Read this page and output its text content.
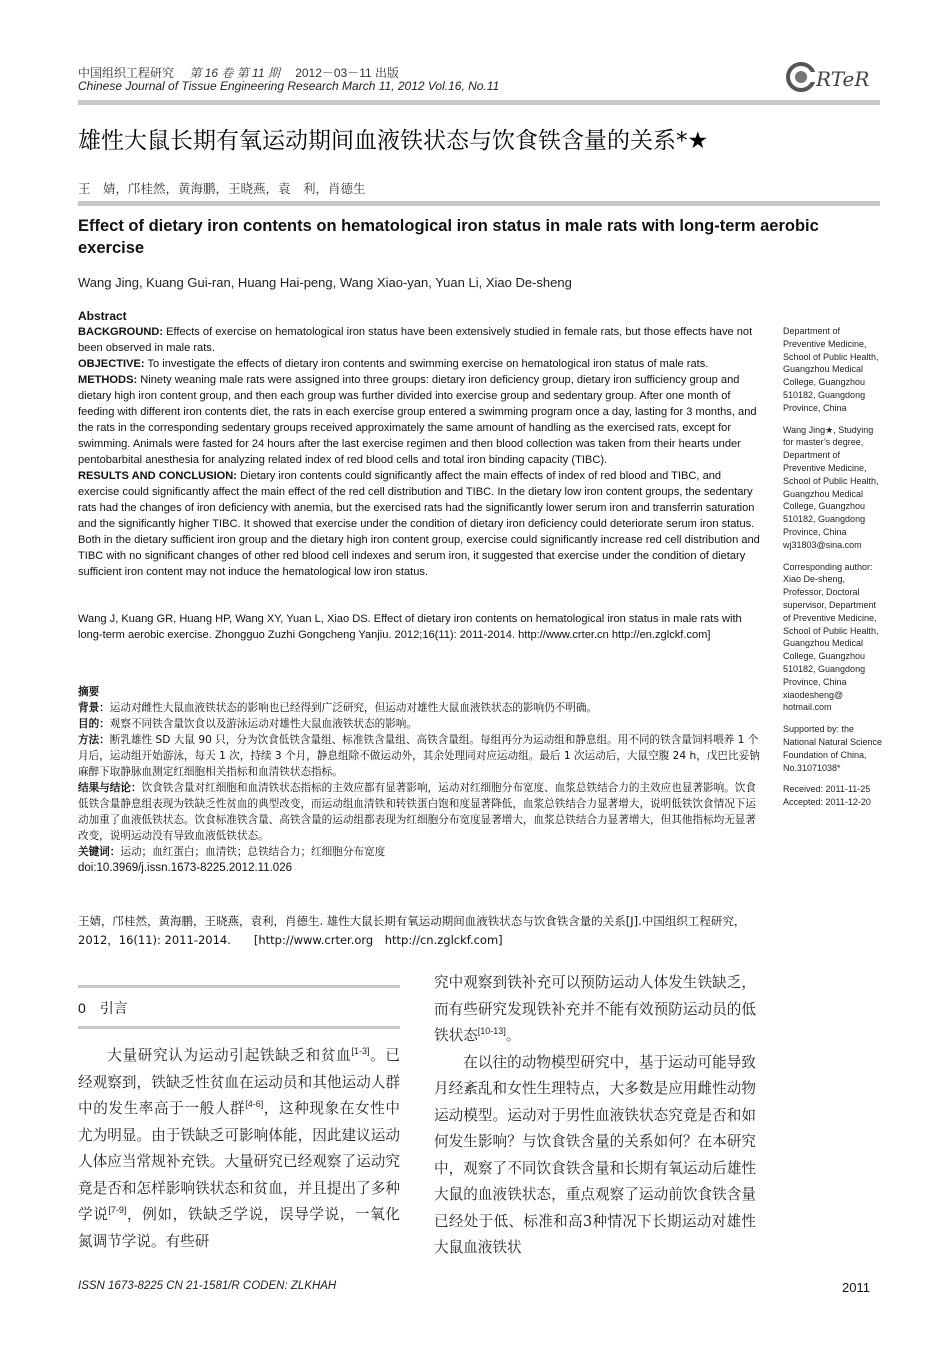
中国组织工程研究　 第 16 卷 第 11 期　 2012－03－11 出版
Chinese Journal of Tissue Engineering Research March 11, 2012 Vol.16, No.11	RTeR
雄性大鼠长期有氧运动期间血液铁状态与饮食铁含量的关系*★
王　婧，邝桂然，黄海鹏，王晓燕，袁　利，肖德生
Effect of dietary iron contents on hematological iron status in male rats with long-term aerobic exercise
Wang Jing, Kuang Gui-ran, Huang Hai-peng, Wang Xiao-yan, Yuan Li, Xiao De-sheng

Abstract

BACKGROUND: Effects of exercise on hematological iron status have been extensively studied in female rats, but those effects have not been observed in male rats.

OBJECTIVE: To investigate the effects of dietary iron contents and swimming exercise on hematological iron status of male rats.

METHODS: Ninety weaning male rats were assigned into three groups: dietary iron deficiency group, dietary iron sufficiency group and dietary high iron content group, and then each group was further divided into exercise group and sedentary group. After one month of feeding with different iron contents diet, the rats in each exercise group entered a swimming program once a day, lasting for 3 months, and the rats in the corresponding sedentary groups received approximately the same amount of handling as the exercised rats, except for swimming. Animals were fasted for 24 hours after the last exercise regimen and then blood collection was taken from their hearts under pentobarbital anesthesia for analyzing related index of red blood cells and total iron binding capacity (TIBC).

RESULTS AND CONCLUSION: Dietary iron contents could significantly affect the main effects of index of red blood and TIBC, and exercise could significantly affect the main effect of the red cell distribution and TIBC. In the dietary low iron content groups, the sedentary rats had the changes of iron deficiency with anemia, but the exercised rats had the significantly lower serum iron and transferrin saturation and the significantly higher TIBC. It showed that exercise under the condition of dietary iron deficiency could deteriorate serum iron status. Both in the dietary sufficient iron group and the dietary high iron content group, exercise could significantly increase red cell distribution and TIBC with no significant changes of other red blood cell indexes and serum iron, it suggested that exercise under the condition of dietary sufficient iron content may not induce the hematological low iron status.

Wang J, Kuang GR, Huang HP, Wang XY, Yuan L, Xiao DS. Effect of dietary iron contents on hematological iron status in male rats with long-term aerobic exercise. Zhongguo Zuzhi Gongcheng Yanjiu. 2012;16(11): 2011-2014. http://www.crter.cn http://en.zglckf.com]

摘要

背景：运动对雌性大鼠血液铁状态的影响也已经得到广泛研究，但运动对雄性大鼠血液铁状态的影响仍不明确。

目的：观察不同铁含量饮食以及游泳运动对雄性大鼠血液铁状态的影响。

方法：断乳雄性 SD 大鼠 90 只，分为饮食低铁含量组、标准铁含量组、高铁含量组。每组再分为运动组和静息组。用不同的铁含量饲料喂养 1 个月后，运动组开始游泳，每天 1 次，持续 3 个月，静息组除不做运动外，其余处理同对应运动组。最后 1 次运动后，大鼠空腹 24 h，戊巴比妥钠麻醉下取静脉血测定红细胞相关指标和血清铁状态指标。

结果与结论：饮食铁含量对红细胞和血清铁状态指标的主效应都有显著影响，运动对红细胞分布宽度、血浆总铁结合力的主效应也显著影响。饮食低铁含量静息组表现为铁缺乏性贫血的典型改变，而运动组血清铁和转铁蛋白饱和度显著降低，血浆总铁结合力显著增大，说明低铁饮食情况下运动加重了血液低铁状态。饮食标准铁含量、高铁含量的运动组都表现为红细胞分布宽度显著增大，血浆总铁结合力显著增大，但其他指标均无显著改变，说明运动没有导致血液低铁状态。

关键词：运动；血红蛋白；血清铁；总铁结合力；红细胞分布宽度

doi:10.3969/j.issn.1673-8225.2012.11.026

Department of Preventive Medicine, School of Public Health, Guangzhou Medical College, Guangzhou 510182, Guangdong Province, China

Wang Jing★, Studying for master’s degree, Department of Preventive Medicine, School of Public Health, Guangzhou Medical College, Guangzhou 510182, Guangdong Province, China wj31803@sina.com

Corresponding author: Xiao De-sheng, Professor, Doctoral supervisor, Department of Preventive Medicine, School of Public Health, Guangzhou Medical College, Guangzhou 510182, Guangdong Province, China xiaodesheng@ hotmail.com

Supported by: the National Natural Science Foundation of China, No.31071038*

Received: 2011-11-25

Accepted: 2011-12-20

王婧，邝桂然，黄海鹏，王晓燕，袁利，肖德生. 雄性大鼠长期有氧运动期间血液铁状态与饮食铁含量的关系[J].中国组织工程研究，2012，16(11): 2011-2014.　　[http://www.crter.org　http://cn.zglckf.com]
0　引言

大量研究认为运动引起铁缺乏和贫血[1-3]。已经观察到，铁缺乏性贫血在运动员和其他运动人群中的发生率高于一般人群[4-6]，这种现象在女性中尤为明显。由于铁缺乏可影响体能，因此建议运动人体应当常规补充铁。大量研究已经观察了运动究竟是否和怎样影响铁状态和贫血，并且提出了多种学说[7-9]，例如，铁缺乏学说，误导学说，一氧化氮调节学说。有些研

究中观察到铁补充可以预防运动人体发生铁缺乏，而有些研究发现铁补充并不能有效预防运动员的低铁状态[10-13]。

在以往的动物模型研究中，基于运动可能导致月经紊乱和女性生理特点，大多数是应用雌性动物运动模型。运动对于男性血液铁状态究竟是否和如何发生影响？与饮食铁含量的关系如何？在本研究中，观察了不同饮食铁含量和长期有氧运动后雄性大鼠的血液铁状态，重点观察了运动前饮食铁含量已经处于低、标准和高3种情况下长期运动对雄性大鼠血液铁状

ISSN 1673-8225 CN 21-1581/R CODEN: ZLKHAH	2011
